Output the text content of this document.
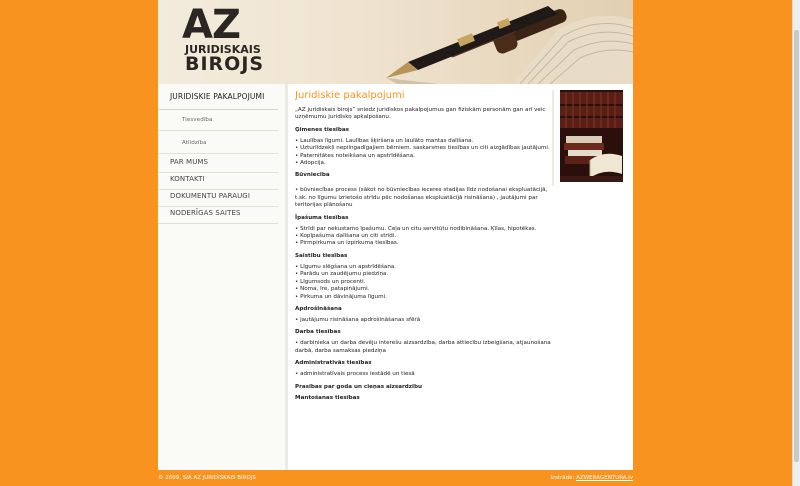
AZ
JURIDISKAIS
BIROJS
JURIDISKIE PAKALPOJUMI
Tiesvedība
Atlīdzība
PAR MUMS
KONTAKTI
DOKUMENTU PARAUGI
NODERĪGAS SAITES
Juridiskie pakalpojumi

„AZ juridiskais birojs” sniedz juridiskos pakalpojumus gan fiziskām personām gan arī veic uzņēmumu juridisko apkalpošanu.

Ģimenes tiesības
• Laulības līgumi. Laulības šķiršana un laulāto mantas dalīšana.
• Uzturlīdzekļi nepilngadīgajiem bērniem. saskarsmes tiesības un citi aizgādības jautājumi.
• Paternitātes noteikšana un apstrīdēšana.
• Adopcija.
Būvniecība
• būvniecības process (sākot no būvniecības ieceres stadijas līdz nodošanai ekspluatācijā, t.sk. no līgumu izrietošo strīdu pēc nodošanas ekspluatācijā risināšana) , jautājumi par teritorijas plānošanu
Īpašuma tiesības
• Strīdi par nekustamo īpašumu. Ceļa un citu servitūtu nodibināšana. Ķīlas, hipotēkas.
• Kopīpašuma dalīšana un citi strīdi.
• Pirmpirkuma un izpirkuma tiesības.
Saistību tiesības
• Līgumu slēgšana un apstrīdēšana.
• Parādu un zaudējumu piedziņa.
• Līgumsods un procenti.
• Noma, īre, patapinājumi.
• Pirkuma un dāvinājuma līgumi.
Apdrošināšana
• jautājumu risināšana apdrošināšanas sfērā
Darba tiesības
• darbinieka un darba devēju interešu aizsardzība, darba attiecību izbeigšana, atjaunošana darbā, darba samaksas piedziņa
Administratīvās tiesības
• administratīvais process iestādē un tiesā
Prasības par goda un cieņas aizsardzību
Mantošanas tiesības
© 2009, SIA AZ JURIDISKAIS BIROJS	Izstrāde: AZWEBAGENTURA.lv
